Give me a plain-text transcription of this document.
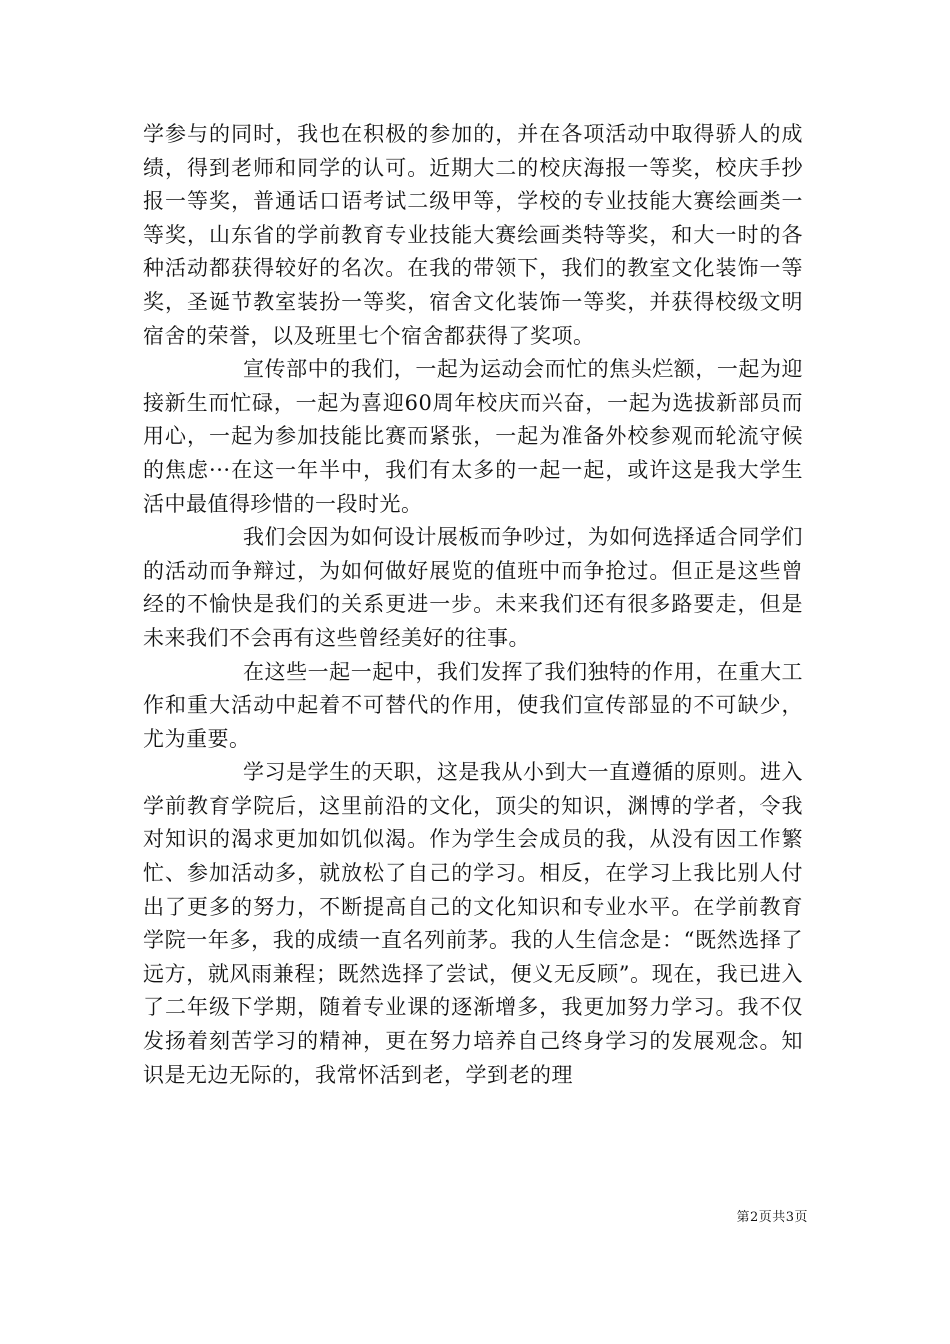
学参与的同时，我也在积极的参加的，并在各项活动中取得骄人的成绩，得到老师和同学的认可。近期大二的校庆海报一等奖，校庆手抄报一等奖，普通话口语考试二级甲等，学校的专业技能大赛绘画类一等奖，山东省的学前教育专业技能大赛绘画类特等奖，和大一时的各种活动都获得较好的名次。在我的带领下，我们的教室文化装饰一等奖，圣诞节教室装扮一等奖，宿舍文化装饰一等奖，并获得校级文明宿舍的荣誉，以及班里七个宿舍都获得了奖项。

宣传部中的我们，一起为运动会而忙的焦头烂额，一起为迎接新生而忙碌，一起为喜迎60周年校庆而兴奋，一起为选拔新部员而用心，一起为参加技能比赛而紧张，一起为准备外校参观而轮流守候的焦虑···在这一年半中，我们有太多的一起一起，或许这是我大学生活中最值得珍惜的一段时光。

我们会因为如何设计展板而争吵过，为如何选择适合同学们的活动而争辩过，为如何做好展览的值班中而争抢过。但正是这些曾经的不愉快是我们的关系更进一步。未来我们还有很多路要走，但是未来我们不会再有这些曾经美好的往事。

在这些一起一起中，我们发挥了我们独特的作用，在重大工作和重大活动中起着不可替代的作用，使我们宣传部显的不可缺少，尤为重要。

学习是学生的天职，这是我从小到大一直遵循的原则。进入学前教育学院后，这里前沿的文化，顶尖的知识，渊博的学者，令我对知识的渴求更加如饥似渴。作为学生会成员的我，从没有因工作繁忙、参加活动多，就放松了自己的学习。相反，在学习上我比别人付出了更多的努力，不断提高自己的文化知识和专业水平。在学前教育学院一年多，我的成绩一直名列前茅。我的人生信念是：“既然选择了远方，就风雨兼程；既然选择了尝试，便义无反顾”。现在，我已进入了二年级下学期，随着专业课的逐渐增多，我更加努力学习。我不仅发扬着刻苦学习的精神，更在努力培养自己终身学习的发展观念。知识是无边无际的，我常怀活到老，学到老的理

第2页共3页
